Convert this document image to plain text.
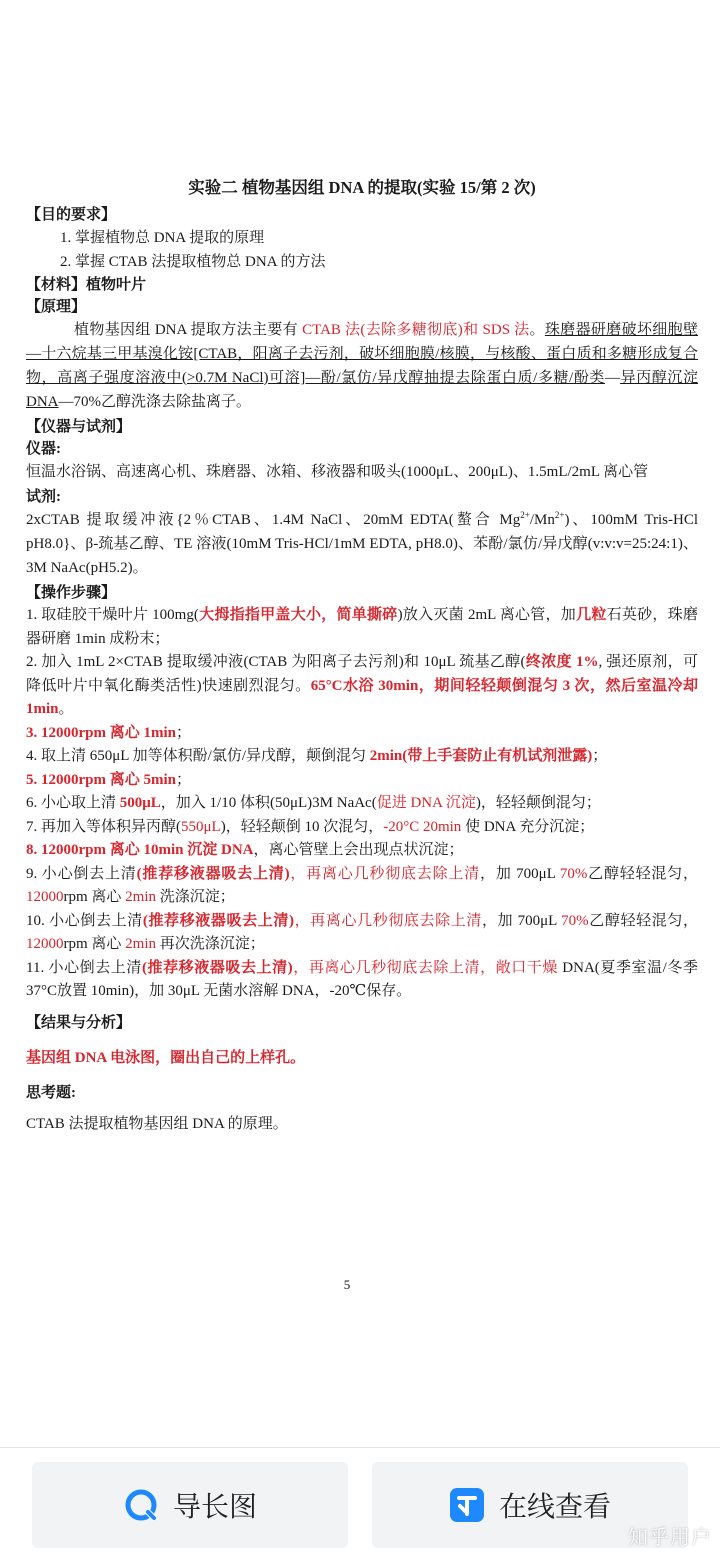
实验二 植物基因组 DNA 的提取(实验 15/第 2 次)

【目的要求】

1. 掌握植物总 DNA 提取的原理

2. 掌握 CTAB 法提取植物总 DNA 的方法

【材料】植物叶片
【原理】

植物基因组 DNA 提取方法主要有 CTAB 法(去除多糖彻底)和 SDS 法。珠磨器研磨破坏细胞壁—十六烷基三甲基溴化铵[CTAB，阳离子去污剂，破坏细胞膜/核膜，与核酸、蛋白质和多糖形成复合物，高离子强度溶液中(>0.7M NaCl)可溶]—酚/氯仿/异戊醇抽提去除蛋白质/多糖/酚类—异丙醇沉淀 DNA—70%乙醇洗涤去除盐离子。

【仪器与试剂】
仪器:

恒温水浴锅、高速离心机、珠磨器、冰箱、移液器和吸头(1000μL、200μL)、1.5mL/2mL 离心管

试剂:

2xCTAB 提取缓冲液{2％CTAB、1.4M NaCl、20mM EDTA(螯合 $Mg^{2+}/Mn^{2+}$)、100mM Tris-HCl pH8.0}、β-巯基乙醇、TE 溶液(10mM Tris-HCl/1mM EDTA, pH8.0)、苯酚/氯仿/异戊醇(v:v:v=25:24:1)、3M NaAc(pH5.2)。

【操作步骤】

1. 取硅胶干燥叶片 100mg(大拇指指甲盖大小，简单撕碎)放入灭菌 2mL 离心管，加几粒石英砂，珠磨器研磨 1min 成粉末；

2. 加入 1mL 2×CTAB 提取缓冲液(CTAB 为阳离子去污剂)和 10μL 巯基乙醇(终浓度 1%, 强还原剂，可降低叶片中氧化酶类活性)快速剧烈混匀。65°C水浴 30min，期间轻轻颠倒混匀 3 次，然后室温冷却 1min。

3. 12000rpm 离心 1min；

4. 取上清 650μL 加等体积酚/氯仿/异戊醇，颠倒混匀 2min(带上手套防止有机试剂泄露)；

5. 12000rpm 离心 5min；

6. 小心取上清 500μL，加入 1/10 体积(50μL)3M NaAc(促进 DNA 沉淀)，轻轻颠倒混匀；

7. 再加入等体积异丙醇(550μL)，轻轻颠倒 10 次混匀，-20°C 20min 使 DNA 充分沉淀；

8. 12000rpm 离心 10min 沉淀 DNA，离心管壁上会出现点状沉淀；

9. 小心倒去上清(推荐移液器吸去上清)，再离心几秒彻底去除上清，加 700μL 70%乙醇轻轻混匀，12000rpm 离心 2min 洗涤沉淀；

10. 小心倒去上清(推荐移液器吸去上清)，再离心几秒彻底去除上清，加 700μL 70%乙醇轻轻混匀，12000rpm 离心 2min 再次洗涤沉淀；

11. 小心倒去上清(推荐移液器吸去上清)，再离心几秒彻底去除上清，敞口干燥 DNA(夏季室温/冬季 37°C放置 10min)，加 30μL 无菌水溶解 DNA，-20℃保存。

【结果与分析】

基因组 DNA 电泳图，圈出自己的上样孔。

思考题:

CTAB 法提取植物基因组 DNA 的原理。

5
导长图	在线查看
知乎用户
